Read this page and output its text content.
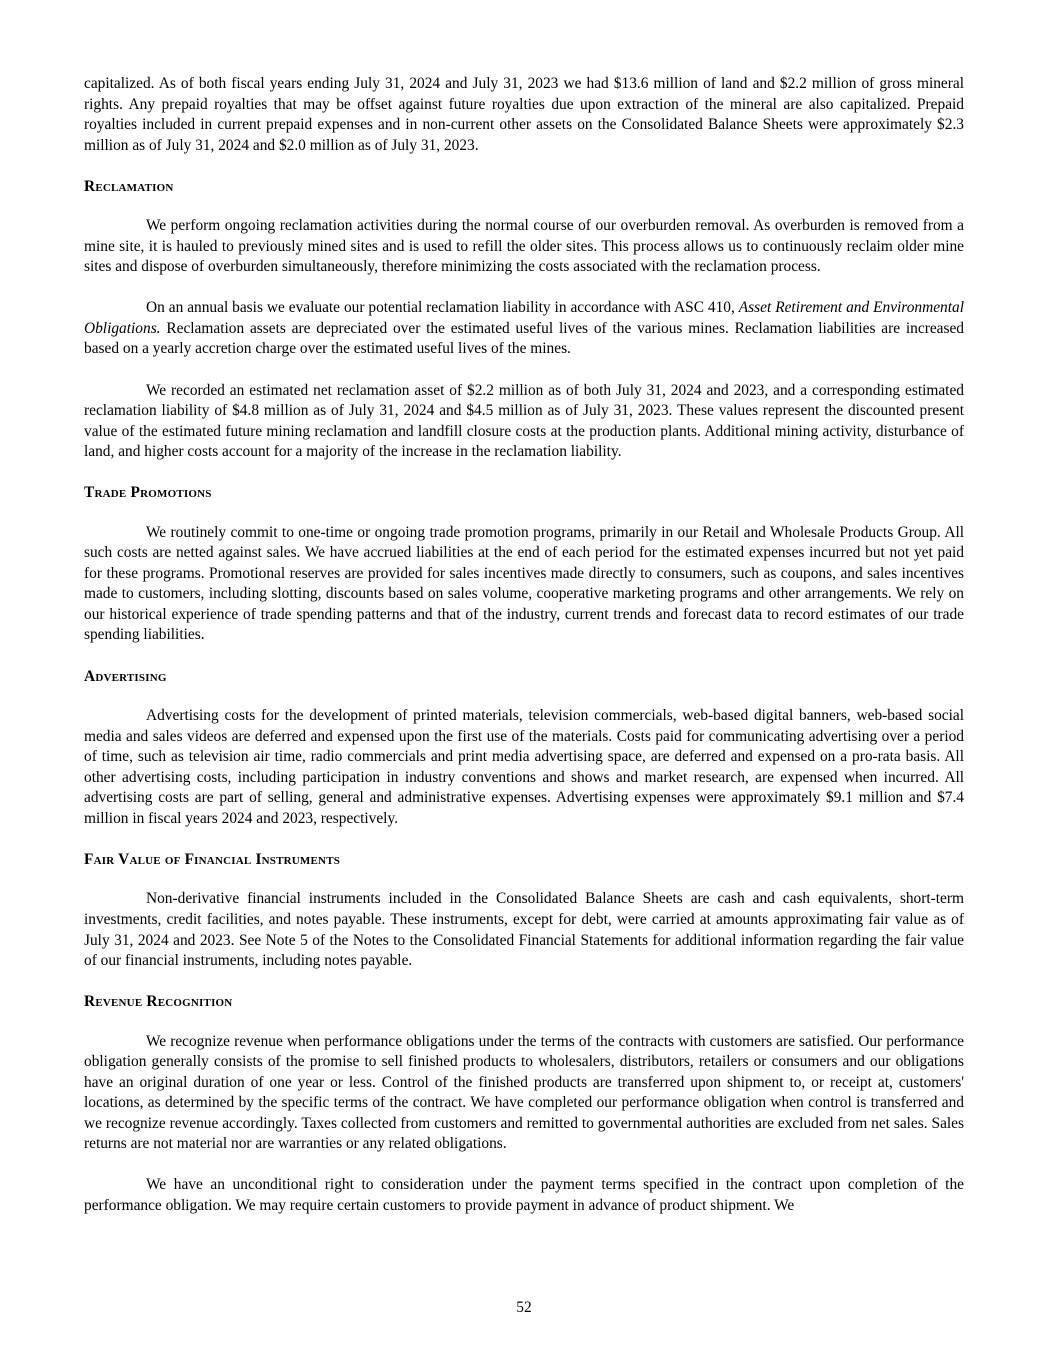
capitalized. As of both fiscal years ending July 31, 2024 and July 31, 2023 we had $13.6 million of land and $2.2 million of gross mineral rights. Any prepaid royalties that may be offset against future royalties due upon extraction of the mineral are also capitalized. Prepaid royalties included in current prepaid expenses and in non-current other assets on the Consolidated Balance Sheets were approximately $2.3 million as of July 31, 2024 and $2.0 million as of July 31, 2023.

Reclamation

We perform ongoing reclamation activities during the normal course of our overburden removal. As overburden is removed from a mine site, it is hauled to previously mined sites and is used to refill the older sites. This process allows us to continuously reclaim older mine sites and dispose of overburden simultaneously, therefore minimizing the costs associated with the reclamation process.

On an annual basis we evaluate our potential reclamation liability in accordance with ASC 410, Asset Retirement and Environmental Obligations. Reclamation assets are depreciated over the estimated useful lives of the various mines. Reclamation liabilities are increased based on a yearly accretion charge over the estimated useful lives of the mines.

We recorded an estimated net reclamation asset of $2.2 million as of both July 31, 2024 and 2023, and a corresponding estimated reclamation liability of $4.8 million as of July 31, 2024 and $4.5 million as of July 31, 2023. These values represent the discounted present value of the estimated future mining reclamation and landfill closure costs at the production plants. Additional mining activity, disturbance of land, and higher costs account for a majority of the increase in the reclamation liability.

Trade Promotions

We routinely commit to one-time or ongoing trade promotion programs, primarily in our Retail and Wholesale Products Group. All such costs are netted against sales. We have accrued liabilities at the end of each period for the estimated expenses incurred but not yet paid for these programs. Promotional reserves are provided for sales incentives made directly to consumers, such as coupons, and sales incentives made to customers, including slotting, discounts based on sales volume, cooperative marketing programs and other arrangements. We rely on our historical experience of trade spending patterns and that of the industry, current trends and forecast data to record estimates of our trade spending liabilities.

Advertising

Advertising costs for the development of printed materials, television commercials, web-based digital banners, web-based social media and sales videos are deferred and expensed upon the first use of the materials. Costs paid for communicating advertising over a period of time, such as television air time, radio commercials and print media advertising space, are deferred and expensed on a pro-rata basis. All other advertising costs, including participation in industry conventions and shows and market research, are expensed when incurred. All advertising costs are part of selling, general and administrative expenses. Advertising expenses were approximately $9.1 million and $7.4 million in fiscal years 2024 and 2023, respectively.

Fair Value of Financial Instruments

Non-derivative financial instruments included in the Consolidated Balance Sheets are cash and cash equivalents, short-term investments, credit facilities, and notes payable. These instruments, except for debt, were carried at amounts approximating fair value as of July 31, 2024 and 2023. See Note 5 of the Notes to the Consolidated Financial Statements for additional information regarding the fair value of our financial instruments, including notes payable.

Revenue Recognition

We recognize revenue when performance obligations under the terms of the contracts with customers are satisfied. Our performance obligation generally consists of the promise to sell finished products to wholesalers, distributors, retailers or consumers and our obligations have an original duration of one year or less. Control of the finished products are transferred upon shipment to, or receipt at, customers' locations, as determined by the specific terms of the contract. We have completed our performance obligation when control is transferred and we recognize revenue accordingly. Taxes collected from customers and remitted to governmental authorities are excluded from net sales. Sales returns are not material nor are warranties or any related obligations.

We have an unconditional right to consideration under the payment terms specified in the contract upon completion of the performance obligation. We may require certain customers to provide payment in advance of product shipment. We

52
